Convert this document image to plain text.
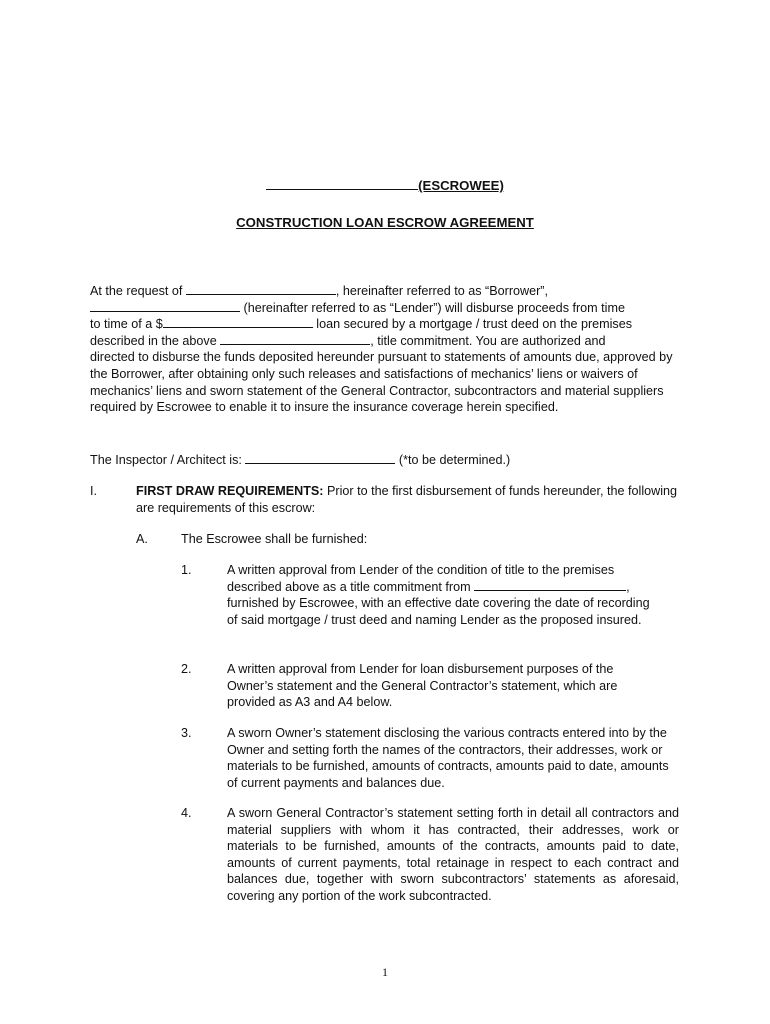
(ESCROWEE)
CONSTRUCTION LOAN ESCROW AGREEMENT

At the request of	, hereinafter referred to as “Borrower”,

(hereinafter referred to as “Lender”) will disburse proceeds from time

to time of a $	loan secured by a mortgage / trust deed on the premises

described in the above	, title commitment. You are authorized and

directed to disburse the funds deposited hereunder pursuant to statements of amounts due, approved by the Borrower, after obtaining only such releases and satisfactions of mechanics’ liens or waivers of mechanics’ liens and sworn statement of the General Contractor, subcontractors and material suppliers required by Escrowee to enable it to insure the insurance coverage herein specified.

The Inspector / Architect is:	(*to be determined.)
I.	FIRST DRAW REQUIREMENTS: Prior to the first disbursement of funds hereunder, the following are requirements of this escrow:
A.	The Escrowee shall be furnished:
1.	A written approval from Lender of the condition of title to the premises

described above as a title commitment from	,

furnished by Escrowee, with an effective date covering the date of recording of said mortgage / trust deed and naming Lender as the proposed insured.

2.	A written approval from Lender for loan disbursement purposes of the Owner’s statement and the General Contractor’s statement, which are provided as A3 and A4 below.
3.	A sworn Owner’s statement disclosing the various contracts entered into by the Owner and setting forth the names of the contractors, their addresses, work or materials to be furnished, amounts of contracts, amounts paid to date, amounts of current payments and balances due.
4.	A sworn General Contractor’s statement setting forth in detail all contractors and material suppliers with whom it has contracted, their addresses, work or materials to be furnished, amounts of the contracts, amounts paid to date, amounts of current payments, total retainage in respect to each contract and balances due, together with sworn subcontractors’ statements as aforesaid, covering any portion of the work subcontracted.
1
